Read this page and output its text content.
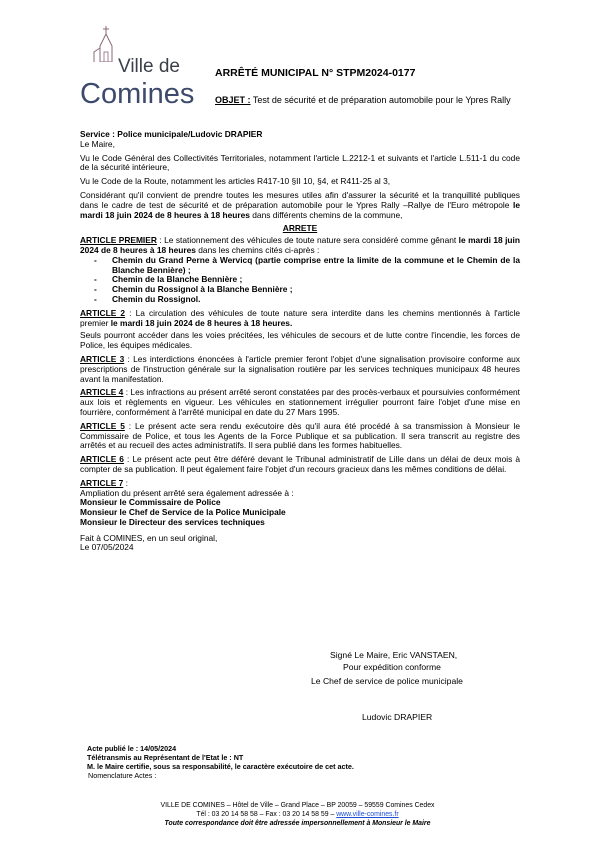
Ville de
Comines
ARRÊTÉ MUNICIPAL N° STPM2024-0177
OBJET : Test de sécurité et de préparation automobile pour le Ypres Rally

Service : Police municipale/Ludovic DRAPIER

Le Maire,

Vu le Code Général des Collectivités Territoriales, notamment l'article L.2212-1 et suivants et l'article L.511-1 du code de la sécurité intérieure,

Vu le Code de la Route, notamment les articles R417-10 §II 10, §4, et R411-25 al 3,

Considérant qu'il convient de prendre toutes les mesures utiles afin d'assurer la sécurité et la tranquillité publiques dans le cadre de test de sécurité et de préparation automobile pour le Ypres Rally –Rallye de l'Euro métropole le mardi 18 juin 2024 de 8 heures à 18 heures dans différents chemins de la commune,

ARRETE

ARTICLE PREMIER : Le stationnement des véhicules de toute nature sera considéré comme gênant le mardi 18 juin 2024 de 8 heures à 18 heures dans les chemins cités ci-après :

- Chemin du Grand Perne à Wervicq (partie comprise entre la limite de la commune et le Chemin de la Blanche Bennière) ;
- Chemin de la Blanche Bennière ;
- Chemin du Rossignol à la Blanche Bennière ;
- Chemin du Rossignol.

ARTICLE 2 : La circulation des véhicules de toute nature sera interdite dans les chemins mentionnés à l'article premier le mardi 18 juin 2024 de 8 heures à 18 heures.

Seuls pourront accéder dans les voies précitées, les véhicules de secours et de lutte contre l'incendie, les forces de Police, les équipes médicales.

ARTICLE 3 : Les interdictions énoncées à l'article premier feront l'objet d'une signalisation provisoire conforme aux prescriptions de l'instruction générale sur la signalisation routière par les services techniques municipaux 48 heures avant la manifestation.

ARTICLE 4 : Les infractions au présent arrêté seront constatées par des procès-verbaux et poursuivies conformément aux lois et règlements en vigueur. Les véhicules en stationnement irrégulier pourront faire l'objet d'une mise en fourrière, conformément à l'arrêté municipal en date du 27 Mars 1995.

ARTICLE 5 : Le présent acte sera rendu exécutoire dès qu'il aura été procédé à sa transmission à Monsieur le Commissaire de Police, et tous les Agents de la Force Publique et sa publication. Il sera transcrit au registre des arrêtés et au recueil des actes administratifs. Il sera publié dans les formes habituelles.

ARTICLE 6 : Le présent acte peut être déféré devant le Tribunal administratif de Lille dans un délai de deux mois à compter de sa publication. Il peut également faire l'objet d'un recours gracieux dans les mêmes conditions de délai.

ARTICLE 7 :

Ampliation du présent arrêté sera également adressée à :

Monsieur le Commissaire de Police

Monsieur le Chef de Service de la Police Municipale

Monsieur le Directeur des services techniques

Fait à COMINES, en un seul original,

Le 07/05/2024

Signé Le Maire, Eric VANSTAEN,
Pour expédition conforme
Le Chef de service de police municipale
Ludovic DRAPIER
Acte publié le : 14/05/2024
Télétransmis au Représentant de l'Etat le : NT
M. le Maire certifie, sous sa responsabilité, le caractère exécutoire de cet acte.
Nomenclature Actes :
VILLE DE COMINES – Hôtel de Ville – Grand Place – BP 20059 – 59559 Comines Cedex
Tél : 03 20 14 58 58 – Fax : 03 20 14 58 59 – www.ville-comines.fr
Toute correspondance doit être adressée impersonnellement à Monsieur le Maire
